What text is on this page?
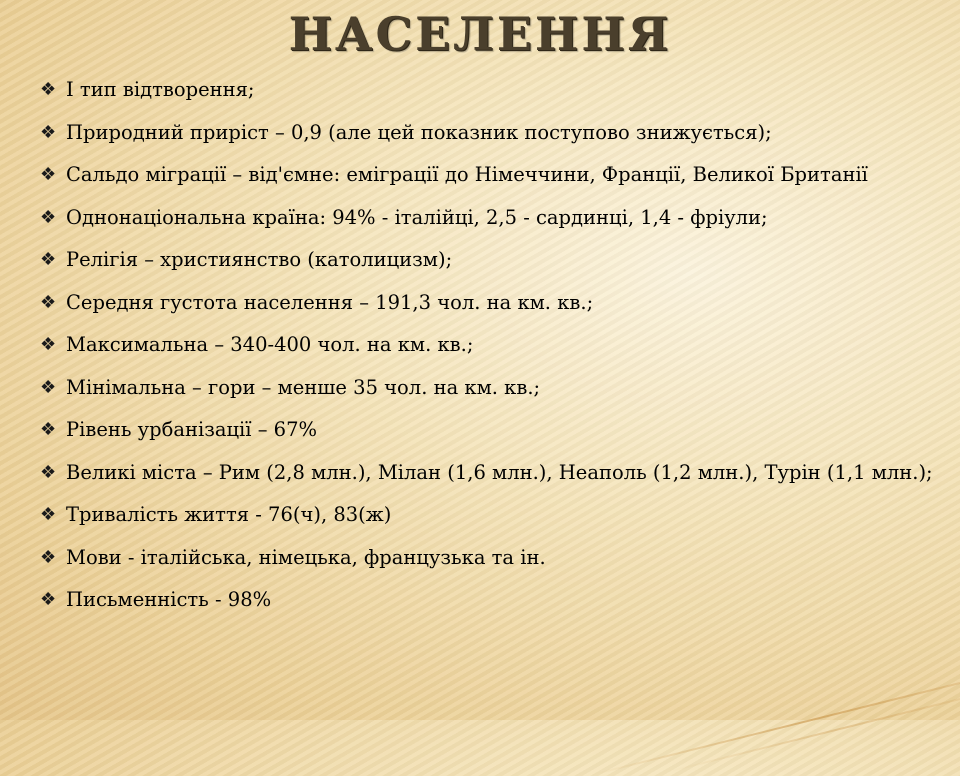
НАСЕЛЕННЯ
❖ І тип відтворення;
❖ Природний приріст – 0,9 (але цей показник поступово знижується);
❖ Сальдо міграції – від'ємне: еміграції до Німеччини, Франції, Великої Британії
❖ Однонаціональна країна: 94% - італійці, 2,5 - сардинці, 1,4 - фріули;
❖ Релігія – християнство (католицизм);
❖ Середня густота населення – 191,3 чол. на км. кв.;
❖ Максимальна – 340-400 чол. на км. кв.;
❖ Мінімальна – гори – менше 35 чол. на км. кв.;
❖ Рівень урбанізації – 67%
❖ Великі міста – Рим (2,8 млн.), Мілан (1,6 млн.), Неаполь (1,2 млн.), Турін (1,1 млн.);
❖ Тривалість життя - 76(ч), 83(ж)
❖ Мови - італійська, німецька, французька та ін.
❖ Письменність - 98%
